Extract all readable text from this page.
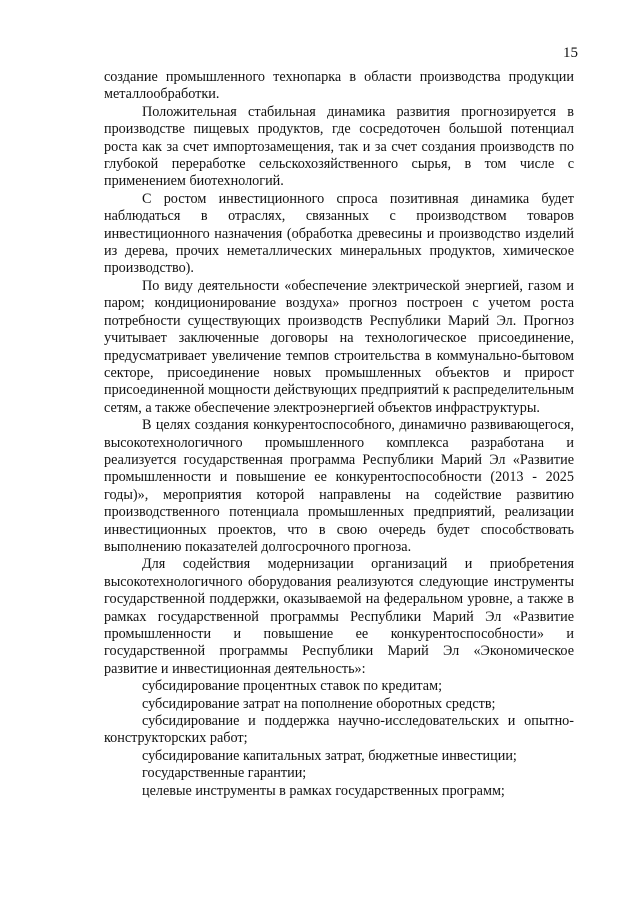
15

создание промышленного технопарка в области производства продукции металлообработки.

Положительная стабильная динамика развития прогнозируется в производстве пищевых продуктов, где сосредоточен большой потенциал роста как за счет импортозамещения, так и за счет создания производств по глубокой переработке сельскохозяйственного сырья, в том числе с применением биотехнологий.

С ростом инвестиционного спроса позитивная динамика будет наблюдаться в отраслях, связанных с производством товаров инвестиционного назначения (обработка древесины и производство изделий из дерева, прочих неметаллических минеральных продуктов, химическое производство).

По виду деятельности «обеспечение электрической энергией, газом и паром; кондиционирование воздуха» прогноз построен с учетом роста потребности существующих производств Республики Марий Эл. Прогноз учитывает заключенные договоры на технологическое присоединение, предусматривает увеличение темпов строительства в коммунально-бытовом секторе, присоединение новых промышленных объектов и прирост присоединенной мощности действующих предприятий к распределительным сетям, а также обеспечение электроэнергией объектов инфраструктуры.

В целях создания конкурентоспособного, динамично развивающегося, высокотехнологичного промышленного комплекса разработана и реализуется государственная программа Республики Марий Эл «Развитие промышленности и повышение ее конкурентоспособности (2013 - 2025 годы)», мероприятия которой направлены на содействие развитию производственного потенциала промышленных предприятий, реализации инвестиционных проектов, что в свою очередь будет способствовать выполнению показателей долгосрочного прогноза.

Для содействия модернизации организаций и приобретения высокотехнологичного оборудования реализуются следующие инструменты государственной поддержки, оказываемой на федеральном уровне, а также в рамках государственной программы Республики Марий Эл «Развитие промышленности и повышение ее конкурентоспособности» и государственной программы Республики Марий Эл «Экономическое развитие и инвестиционная деятельность»:

субсидирование процентных ставок по кредитам;

субсидирование затрат на пополнение оборотных средств;

субсидирование и поддержка научно-исследовательских и опытно-конструкторских работ;

субсидирование капитальных затрат, бюджетные инвестиции;

государственные гарантии;

целевые инструменты в рамках государственных программ;
